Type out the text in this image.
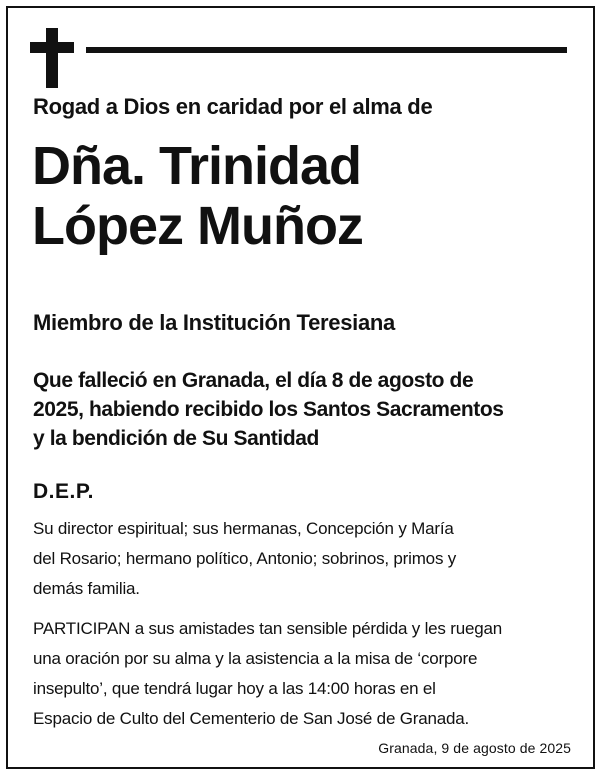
Rogad a Dios en caridad por el alma de
Dña. Trinidad
López Muñoz
Miembro de la Institución Teresiana
Que falleció en Granada, el día 8 de agosto de
2025, habiendo recibido los Santos Sacramentos
y la bendición de Su Santidad
D.E.P.
Su director espiritual; sus hermanas, Concepción y María
del Rosario; hermano político, Antonio; sobrinos, primos y
demás familia.
PARTICIPAN a sus amistades tan sensible pérdida y les ruegan
una oración por su alma y la asistencia a la misa de ‘corpore
insepulto’, que tendrá lugar hoy a las 14:00 horas en el
Espacio de Culto del Cementerio de San José de Granada.
Granada, 9 de agosto de 2025
